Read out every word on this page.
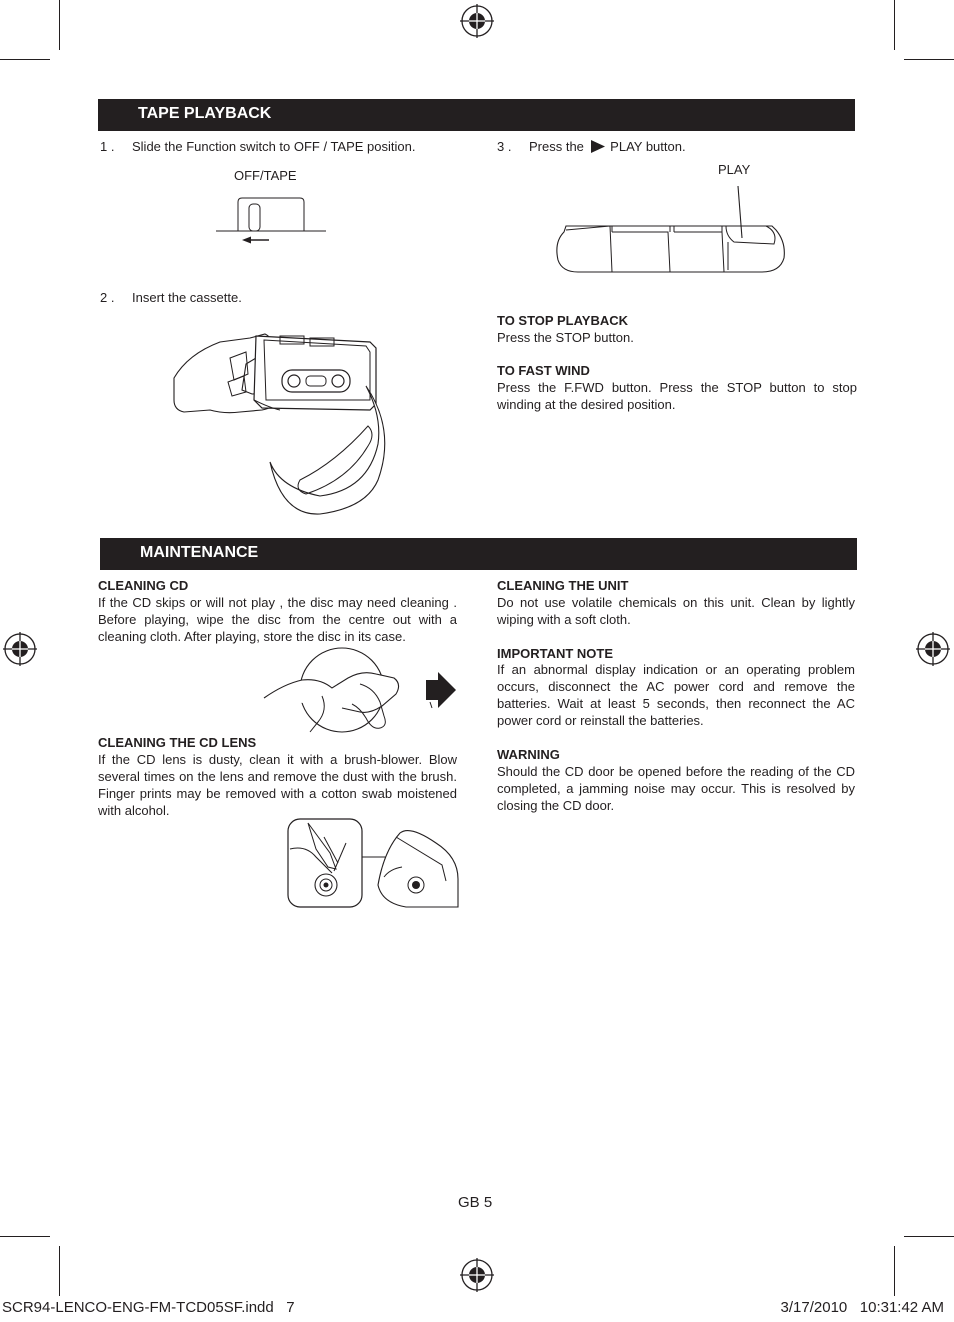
TAPE PLAYBACK
1 . Slide the Function switch to OFF / TAPE position.
OFF/TAPE
2 . Insert the cassette.
3 . Press the PLAY button.
PLAY
TO STOP PLAYBACK
Press the STOP button.
TO FAST WIND
Press the F.FWD button. Press the STOP button to stop winding at the desired position.
MAINTENANCE
CLEANING CD
If the CD skips or will not play , the disc may need cleaning . Before playing, wipe the disc from the centre out with a cleaning cloth. After playing, store the disc in its case.
CLEANING THE CD LENS
If the CD lens is dusty, clean it with a brush-blower. Blow several times on the lens and remove the dust with the brush. Finger prints may be removed with a cotton swab moistened with alcohol.
CLEANING THE UNIT
Do not use volatile chemicals on this unit. Clean by lightly wiping with a soft cloth.
IMPORTANT NOTE
If an abnormal display indication or an operating problem occurs, disconnect the AC power cord and remove the batteries. Wait at least 5 seconds, then reconnect the AC power cord or reinstall the batteries.
WARNING
Should the CD door be opened before the reading of the CD completed, a jamming noise may occur. This is resolved by closing the CD door.
GB 5
SCR94-LENCO-ENG-FM-TCD05SF.indd   7	3/17/2010   10:31:42 AM
